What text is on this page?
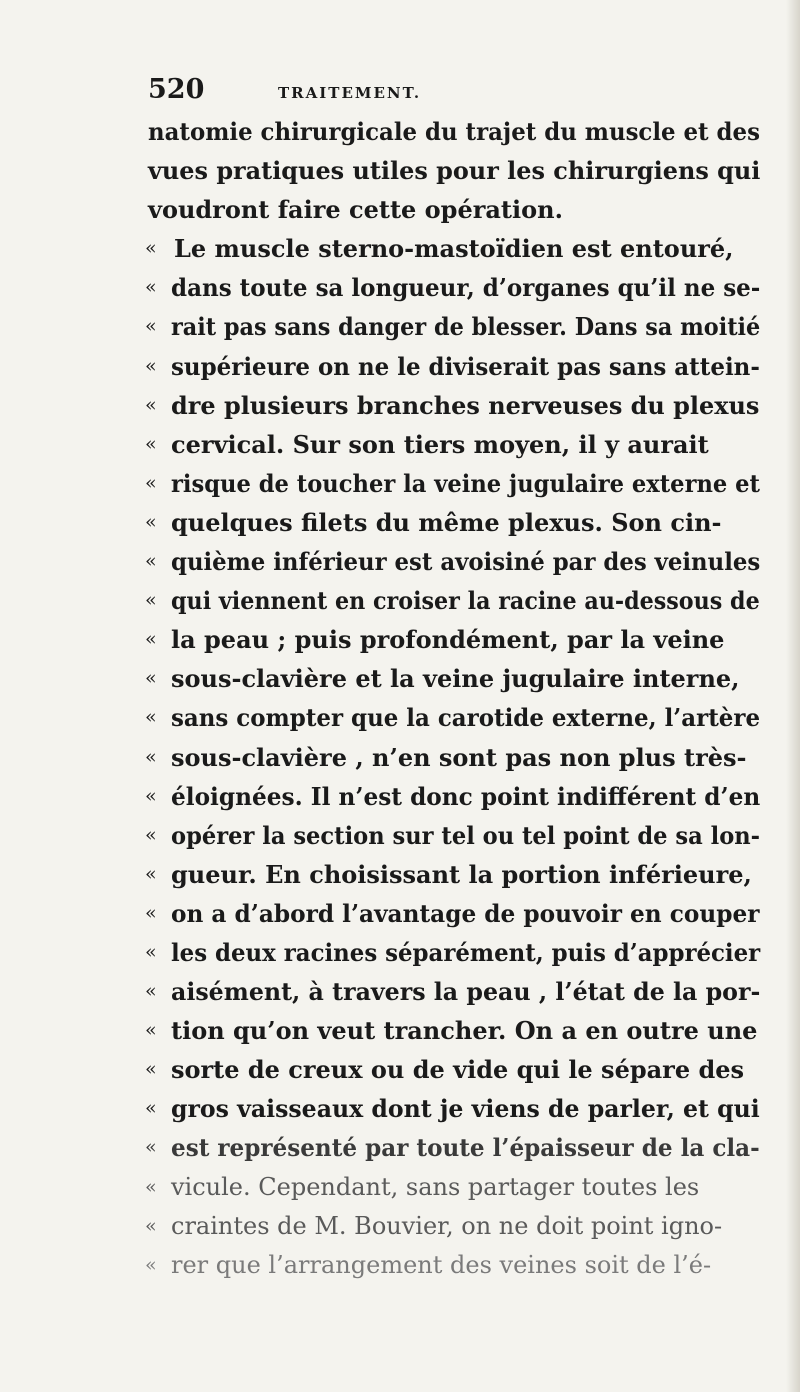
520	TRAITEMENT.
natomie chirurgicale du trajet du muscle et des
vues pratiques utiles pour les chirurgiens qui
voudront faire cette opération.
« Le muscle sterno-mastoïdien est entouré,
« dans toute sa longueur, d’organes qu’il ne se-
« rait pas sans danger de blesser. Dans sa moitié
« supérieure on ne le diviserait pas sans attein-
« dre plusieurs branches nerveuses du plexus
« cervical. Sur son tiers moyen, il y aurait
« risque de toucher la veine jugulaire externe et
« quelques filets du même plexus. Son cin-
« quième inférieur est avoisiné par des veinules
« qui viennent en croiser la racine au-dessous de
« la peau ; puis profondément, par la veine
« sous-clavière et la veine jugulaire interne,
« sans compter que la carotide externe, l’artère
« sous-clavière , n’en sont pas non plus très-
« éloignées. Il n’est donc point indifférent d’en
« opérer la section sur tel ou tel point de sa lon-
« gueur. En choisissant la portion inférieure,
« on a d’abord l’avantage de pouvoir en couper
« les deux racines séparément, puis d’apprécier
« aisément, à travers la peau , l’état de la por-
« tion qu’on veut trancher. On a en outre une
« sorte de creux ou de vide qui le sépare des
« gros vaisseaux dont je viens de parler, et qui
« est représenté par toute l’épaisseur de la cla-
« vicule. Cependant, sans partager toutes les
« craintes de M. Bouvier, on ne doit point igno-
« rer que l’arrangement des veines soit de l’é-
